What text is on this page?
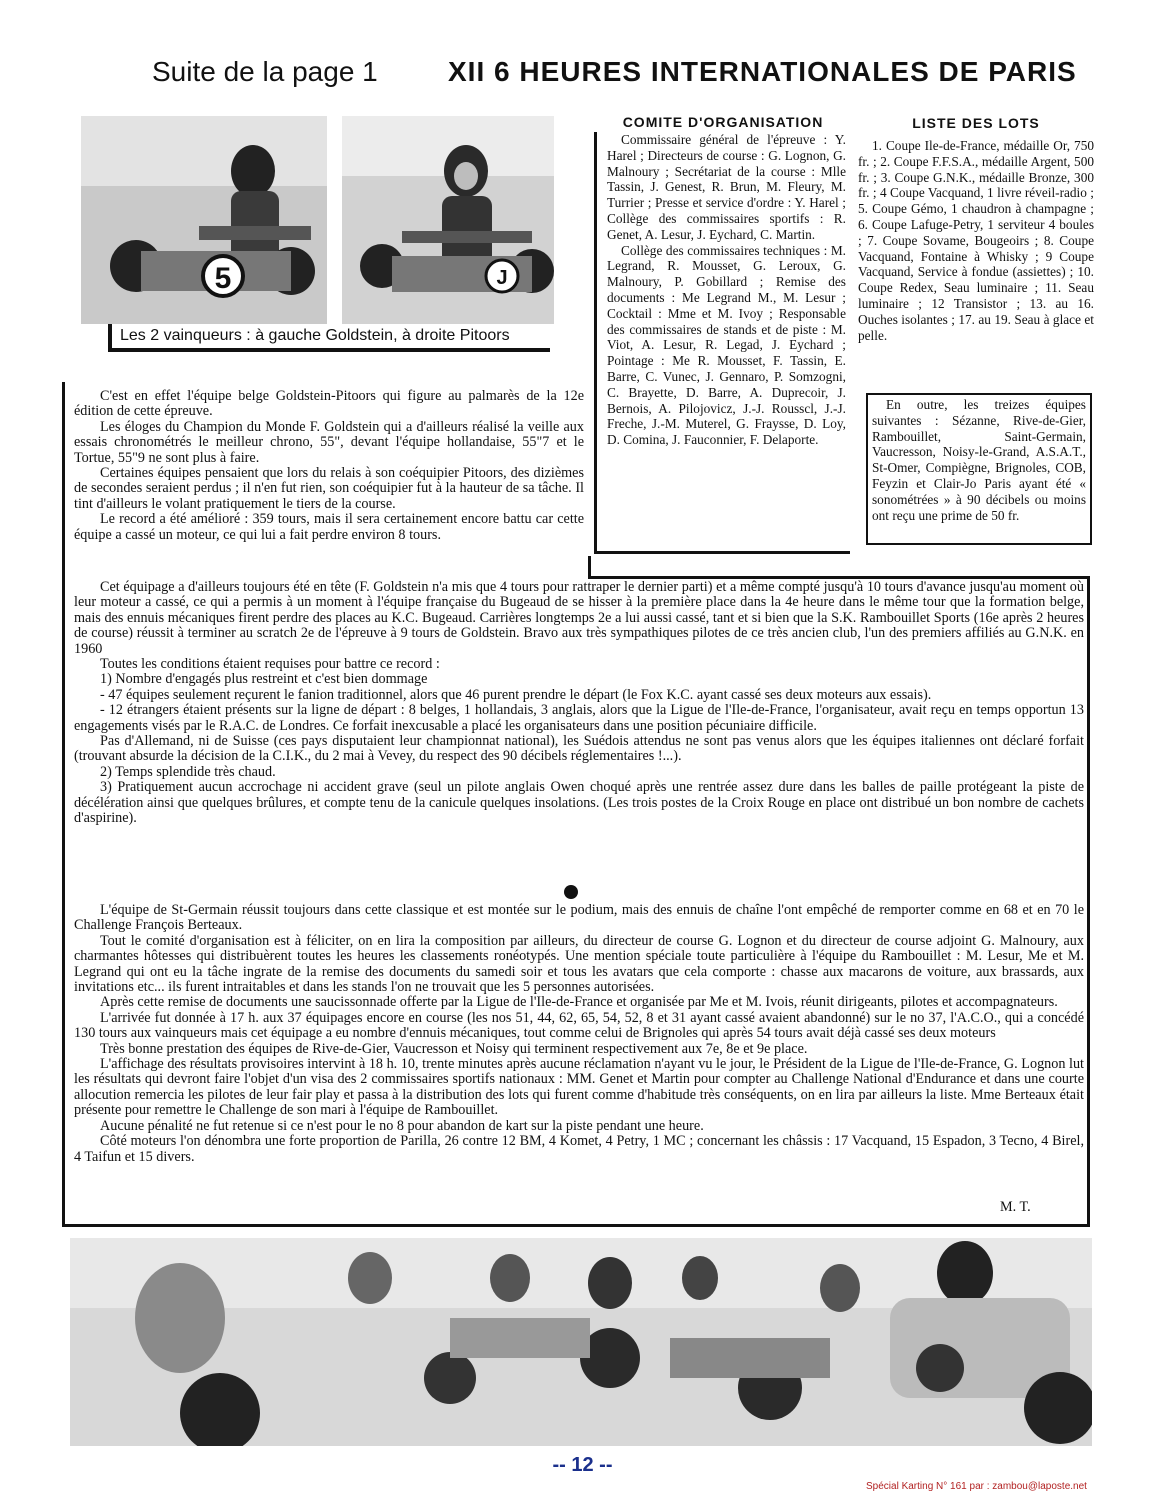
Suite de la page 1	XII 6 HEURES INTERNATIONALES DE PARIS
5	J
Les 2 vainqueurs : à gauche Goldstein, à droite Pitoors
COMITE D'ORGANISATION

Commissaire général de l'épreuve : Y. Harel ; Directeurs de course : G. Lognon, G. Malnoury ; Secrétariat de la course : Mlle Tassin, J. Genest, R. Brun, M. Fleury, M. Turrier ; Presse et service d'ordre : Y. Harel ; Collège des commissaires sportifs : R. Genet, A. Lesur, J. Eychard, C. Martin.

Collège des commissaires techniques : M. Legrand, R. Mousset, G. Leroux, G. Malnoury, P. Gobillard ; Remise des documents : Me Legrand M., M. Lesur ; Cocktail : Mme et M. Ivoy ; Responsable des commissaires de stands et de piste : M. Viot, A. Lesur, R. Legad, J. Eychard ; Pointage : Me R. Mousset, F. Tassin, E. Barre, C. Vunec, J. Gennaro, P. Somzogni, C. Brayette, D. Barre, A. Duprecoir, J. Bernois, A. Pilojovicz, J.-J. Rousscl, J.-J. Freche, J.-M. Muterel, G. Fraysse, D. Loy, D. Comina, J. Fauconnier, F. Delaporte.

LISTE DES LOTS

1. Coupe Ile-de-France, médaille Or, 750 fr. ; 2. Coupe F.F.S.A., médaille Argent, 500 fr. ; 3. Coupe G.N.K., médaille Bronze, 300 fr. ; 4 Coupe Vacquand, 1 livre réveil-radio ; 5. Coupe Gémo, 1 chaudron à champagne ; 6. Coupe Lafuge-Petry, 1 serviteur 4 boules ; 7. Coupe Sovame, Bougeoirs ; 8. Coupe Vacquand, Fontaine à Whisky ; 9 Coupe Vacquand, Service à fondue (assiettes) ; 10. Coupe Redex, Seau luminaire ; 11. Seau luminaire ; 12 Transistor ; 13. au 16. Ouches isolantes ; 17. au 19. Seau à glace et pelle.

En outre, les treizes équipes suivantes : Sézanne, Rive-de-Gier, Rambouillet, Saint-Germain, Vaucresson, Noisy-le-Grand, A.S.A.T., St-Omer, Compiègne, Brignoles, COB, Feyzin et Clair-Jo Paris ayant été « sonométrées » à 90 décibels ou moins ont reçu une prime de 50 fr.

C'est en effet l'équipe belge Goldstein-Pitoors qui figure au palmarès de la 12e édition de cette épreuve.

Les éloges du Champion du Monde F. Goldstein qui a d'ailleurs réalisé la veille aux essais chronométrés le meilleur chrono, 55", devant l'équipe hollandaise, 55"7 et le Tortue, 55"9 ne sont plus à faire.

Certaines équipes pensaient que lors du relais à son coéquipier Pitoors, des dizièmes de secondes seraient perdus ; il n'en fut rien, son coéquipier fut à la hauteur de sa tâche. Il tint d'ailleurs le volant pratiquement le tiers de la course.

Le record a été amélioré : 359 tours, mais il sera certainement encore battu car cette équipe a cassé un moteur, ce qui lui a fait perdre environ 8 tours.

Cet équipage a d'ailleurs toujours été en tête (F. Goldstein n'a mis que 4 tours pour rattraper le dernier parti) et a même compté jusqu'à 10 tours d'avance jusqu'au moment où leur moteur a cassé, ce qui a permis à un moment à l'équipe française du Bugeaud de se hisser à la première place dans la 4e heure dans le même tour que la formation belge, mais des ennuis mécaniques firent perdre des places au K.C. Bugeaud. Carrières longtemps 2e a lui aussi cassé, tant et si bien que la S.K. Rambouillet Sports (16e après 2 heures de course) réussit à terminer au scratch 2e de l'épreuve à 9 tours de Goldstein. Bravo aux très sympathiques pilotes de ce très ancien club, l'un des premiers affiliés au G.N.K. en 1960

Toutes les conditions étaient requises pour battre ce record :

1) Nombre d'engagés plus restreint et c'est bien dommage

- 47 équipes seulement reçurent le fanion traditionnel, alors que 46 purent prendre le départ (le Fox K.C. ayant cassé ses deux moteurs aux essais).

- 12 étrangers étaient présents sur la ligne de départ : 8 belges, 1 hollandais, 3 anglais, alors que la Ligue de l'Ile-de-France, l'organisateur, avait reçu en temps opportun 13 engagements visés par le R.A.C. de Londres. Ce forfait inexcusable a placé les organisateurs dans une position pécuniaire difficile.

Pas d'Allemand, ni de Suisse (ces pays disputaient leur championnat national), les Suédois attendus ne sont pas venus alors que les équipes italiennes ont déclaré forfait (trouvant absurde la décision de la C.I.K., du 2 mai à Vevey, du respect des 90 décibels réglementaires !...).

2) Temps splendide très chaud.

3) Pratiquement aucun accrochage ni accident grave (seul un pilote anglais Owen choqué après une rentrée assez dure dans les balles de paille protégeant la piste de décélération ainsi que quelques brûlures, et compte tenu de la canicule quelques insolations. (Les trois postes de la Croix Rouge en place ont distribué un bon nombre de cachets d'aspirine).

L'équipe de St-Germain réussit toujours dans cette classique et est montée sur le podium, mais des ennuis de chaîne l'ont empêché de remporter comme en 68 et en 70 le Challenge François Berteaux.

Tout le comité d'organisation est à féliciter, on en lira la composition par ailleurs, du directeur de course G. Lognon et du directeur de course adjoint G. Malnoury, aux charmantes hôtesses qui distribuèrent toutes les heures les classements ronéotypés. Une mention spéciale toute particulière à l'équipe du Rambouillet : M. Lesur, Me et M. Legrand qui ont eu la tâche ingrate de la remise des documents du samedi soir et tous les avatars que cela comporte : chasse aux macarons de voiture, aux brassards, aux invitations etc... ils furent intraitables et dans les stands l'on ne trouvait que les 5 personnes autorisées.

Après cette remise de documents une saucissonnade offerte par la Ligue de l'Ile-de-France et organisée par Me et M. Ivois, réunit dirigeants, pilotes et accompagnateurs.

L'arrivée fut donnée à 17 h. aux 37 équipages encore en course (les nos 51, 44, 62, 65, 54, 52, 8 et 31 ayant cassé avaient abandonné) sur le no 37, l'A.C.O., qui a concédé 130 tours aux vainqueurs mais cet équipage a eu nombre d'ennuis mécaniques, tout comme celui de Brignoles qui après 54 tours avait déjà cassé ses deux moteurs

Très bonne prestation des équipes de Rive-de-Gier, Vaucresson et Noisy qui terminent respectivement aux 7e, 8e et 9e place.

L'affichage des résultats provisoires intervint à 18 h. 10, trente minutes après aucune réclamation n'ayant vu le jour, le Président de la Ligue de l'Ile-de-France, G. Lognon lut les résultats qui devront faire l'objet d'un visa des 2 commissaires sportifs nationaux : MM. Genet et Martin pour compter au Challenge National d'Endurance et dans une courte allocution remercia les pilotes de leur fair play et passa à la distribution des lots qui furent comme d'habitude très conséquents, on en lira par ailleurs la liste. Mme Berteaux était présente pour remettre le Challenge de son mari à l'équipe de Rambouillet.

Aucune pénalité ne fut retenue si ce n'est pour le no 8 pour abandon de kart sur la piste pendant une heure.

Côté moteurs l'on dénombra une forte proportion de Parilla, 26 contre 12 BM, 4 Komet, 4 Petry, 1 MC ; concernant les châssis : 17 Vacquand, 15 Espadon, 3 Tecno, 4 Birel, 4 Taifun et 15 divers.

M. T.
-- 12 --
Spécial Karting N° 161 par : zambou@laposte.net
